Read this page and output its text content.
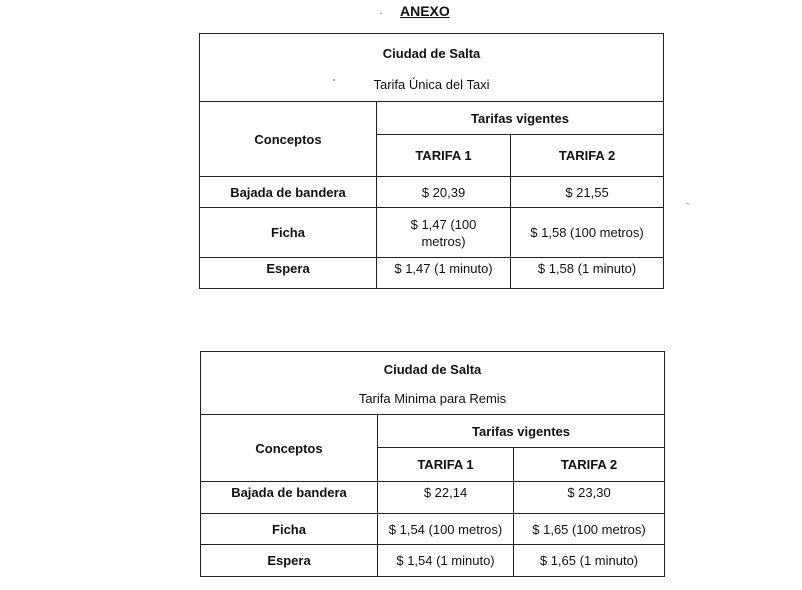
ANEXO
Ciudad de Salta
Tarifa Única del Taxi		

Conceptos	Tarifas vigentes	
	TARIFA 1	TARIFA 2
Bajada de bandera	$ 20,39	$ 21,55
Ficha	$ 1,47 (100 metros)	$ 1,58 (100 metros)
Espera	$ 1,47 (1 minuto)	$ 1,58 (1 minuto)
Ciudad de Salta
Tarifa Minima para Remis		

Conceptos	Tarifas vigentes	
	TARIFA 1	TARIFA 2
Bajada de bandera	$ 22,14	$ 23,30
Ficha	$ 1,54 (100 metros)	$ 1,65 (100 metros)
Espera	$ 1,54 (1 minuto)	$ 1,65 (1 minuto)
